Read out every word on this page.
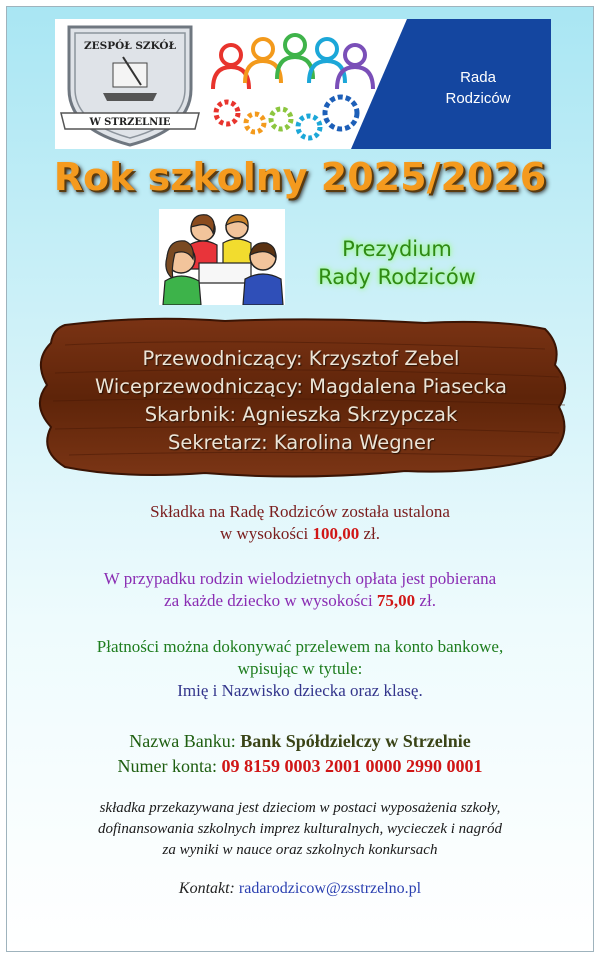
ZESPÓŁ SZKÓŁ
W STRZELNIE
Rada
Rodziców
Rok szkolny 2025/2026
Prezydium
Rady Rodziców
Przewodniczący: Krzysztof Zebel
Wiceprzewodniczący: Magdalena Piasecka
Skarbnik: Agnieszka Skrzypczak
Sekretarz: Karolina Wegner
Składka na Radę Rodziców została ustalona
w wysokości 100,00 zł.
W przypadku rodzin wielodzietnych opłata jest pobierana
za każde dziecko w wysokości 75,00 zł.
Płatności można dokonywać przelewem na konto bankowe,
wpisując w tytule:
Imię i Nazwisko dziecka oraz klasę.
Nazwa Banku: Bank Spółdzielczy w Strzelnie
Numer konta: 09 8159 0003 2001 0000 2990 0001
składka przekazywana jest dzieciom w postaci wyposażenia szkoły,
dofinansowania szkolnych imprez kulturalnych, wycieczek i nagród
za wyniki w nauce oraz szkolnych konkursach
Kontakt: radarodzicow@zsstrzelno.pl
